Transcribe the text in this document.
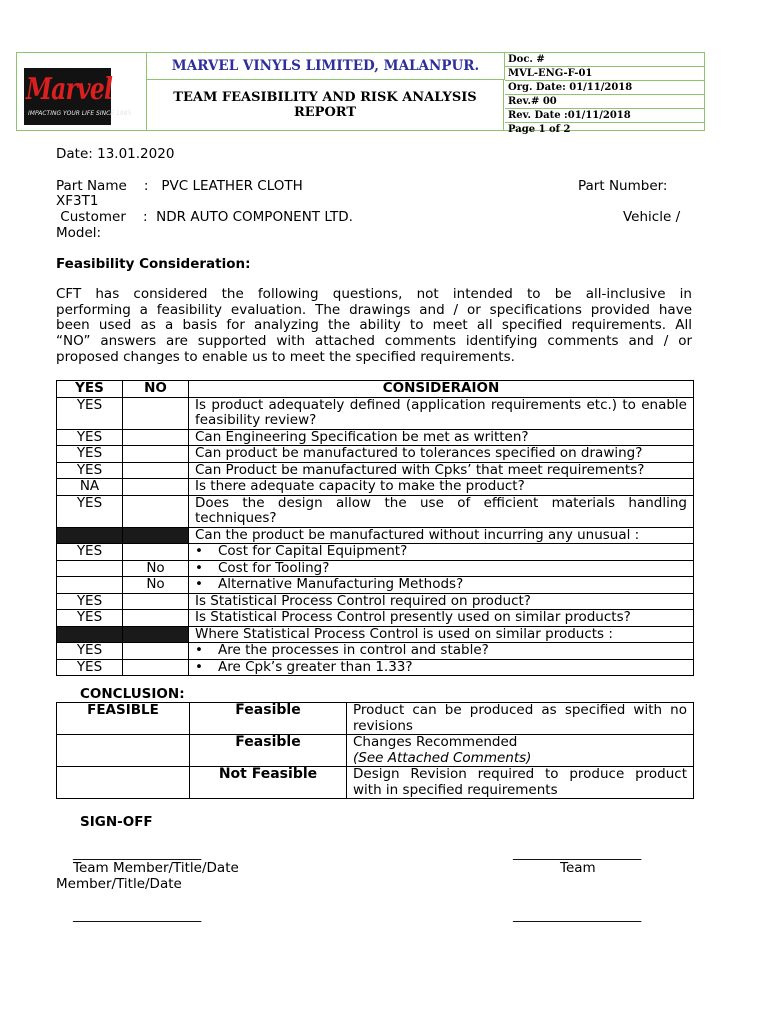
Marvel
IMPACTING YOUR LIFE SINCE 1985
MARVEL VINYLS LIMITED, MALANPUR.
TEAM FEASIBILITY AND RISK ANALYSIS
REPORT
Doc. #
MVL-ENG-F-01
Org. Date: 01/11/2018
Rev.# 00
Rev. Date :01/11/2018
Page 1 of 2
Date: 13.01.2020
Part Name    :   PVC LEATHER CLOTH	Part Number:
XF3T1
Customer    :  NDR AUTO COMPONENT LTD.	Vehicle /
Model:
Feasibility Consideration:
CFT has considered the following questions, not intended to be all-inclusive in
performing a feasibility evaluation. The drawings and / or specifications provided have
been used as a basis for analyzing the ability to meet all specified requirements. All
“NO” answers are supported with attached comments identifying comments and / or
proposed changes to enable us to meet the specified requirements.
YES	NO	CONSIDERAION
YES		Is product adequately defined (application requirements etc.) to enable feasibility review?
YES		Can Engineering Specification be met as written?
YES		Can product be manufactured to tolerances specified on drawing?
YES		Can Product be manufactured with Cpks’ that meet requirements?
NA		Is there adequate capacity to make the product?
YES		Does the design allow the use of efficient materials handling techniques?
		Can the product be manufactured without incurring any unusual :
YES		• Cost for Capital Equipment?
	No	• Cost for Tooling?
	No	• Alternative Manufacturing Methods?
YES		Is Statistical Process Control required on product?
YES		Is Statistical Process Control presently used on similar products?
		Where Statistical Process Control is used on similar products :
YES		• Are the processes in control and stable?
YES		• Are Cpk’s greater than 1.33?
CONCLUSION:
FEASIBLE	Feasible	Product can be produced as specified with no
revisions

	Feasible	Changes Recommended
(See Attached Comments)

	Not Feasible	Design Revision required to produce product
with in specified requirements
SIGN-OFF
___________________	___________________
Team Member/Title/Date	Team
Member/Title/Date
___________________	___________________
